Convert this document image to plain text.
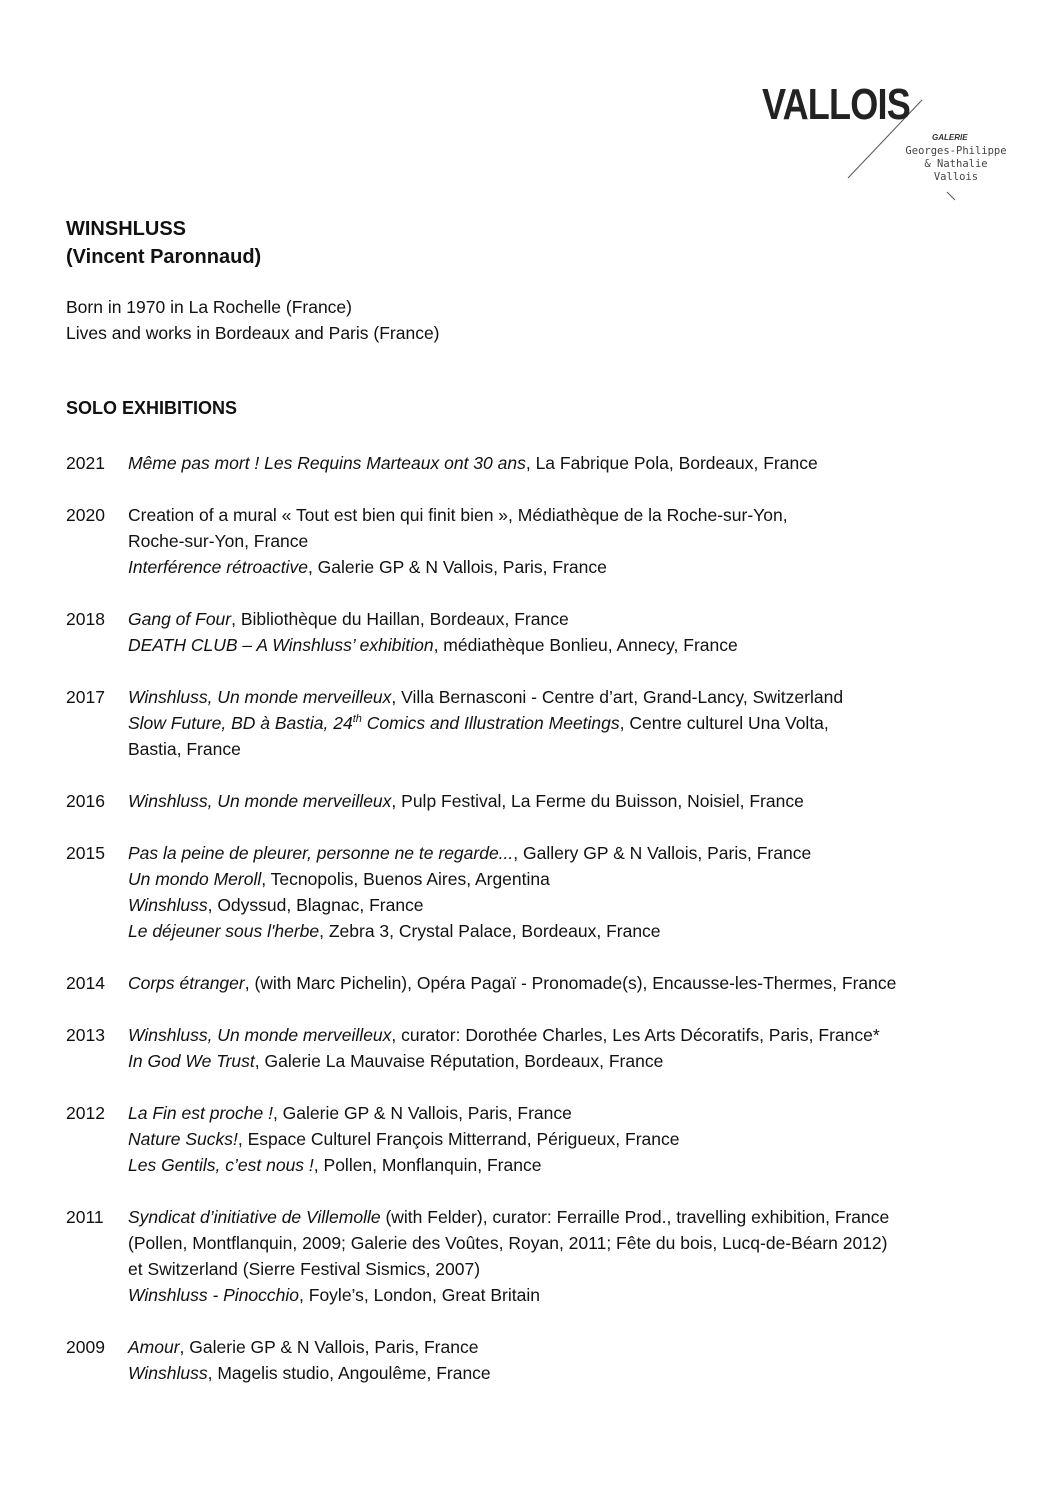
VALLOIS
GALERIE
Georges-Philippe
& Nathalie
Vallois
WINSHLUSS
(Vincent Paronnaud)
Born in 1970 in La Rochelle (France)
Lives and works in Bordeaux and Paris (France)
SOLO EXHIBITIONS
2021	Même pas mort ! Les Requins Marteaux ont 30 ans, La Fabrique Pola, Bordeaux, France
2020	Creation of a mural « Tout est bien qui finit bien », Médiathèque de la Roche-sur-Yon,
Roche-sur-Yon, France
Interférence rétroactive, Galerie GP & N Vallois, Paris, France
2018	Gang of Four, Bibliothèque du Haillan, Bordeaux, France
DEATH CLUB – A Winshluss’ exhibition, médiathèque Bonlieu, Annecy, France
2017	Winshluss, Un monde merveilleux, Villa Bernasconi - Centre d’art, Grand-Lancy, Switzerland
Slow Future, BD à Bastia, 24th Comics and Illustration Meetings, Centre culturel Una Volta,
Bastia, France
2016	Winshluss, Un monde merveilleux, Pulp Festival, La Ferme du Buisson, Noisiel, France
2015	Pas la peine de pleurer, personne ne te regarde..., Gallery GP & N Vallois, Paris, France
Un mondo Meroll, Tecnopolis, Buenos Aires, Argentina
Winshluss, Odyssud, Blagnac, France
Le déjeuner sous l'herbe, Zebra 3, Crystal Palace, Bordeaux, France
2014	Corps étranger, (with Marc Pichelin), Opéra Pagaï - Pronomade(s), Encausse-les-Thermes, France
2013	Winshluss, Un monde merveilleux, curator: Dorothée Charles, Les Arts Décoratifs, Paris, France*
In God We Trust, Galerie La Mauvaise Réputation, Bordeaux, France
2012	La Fin est proche !, Galerie GP & N Vallois, Paris, France
Nature Sucks!, Espace Culturel François Mitterrand, Périgueux, France
Les Gentils, c’est nous !, Pollen, Monflanquin, France
2011	Syndicat d’initiative de Villemolle (with Felder), curator: Ferraille Prod., travelling exhibition, France
(Pollen, Montflanquin, 2009; Galerie des Voûtes, Royan, 2011; Fête du bois, Lucq-de-Béarn 2012)
et Switzerland (Sierre Festival Sismics, 2007)
Winshluss - Pinocchio, Foyle’s, London, Great Britain
2009	Amour, Galerie GP & N Vallois, Paris, France
Winshluss, Magelis studio, Angoulême, France
